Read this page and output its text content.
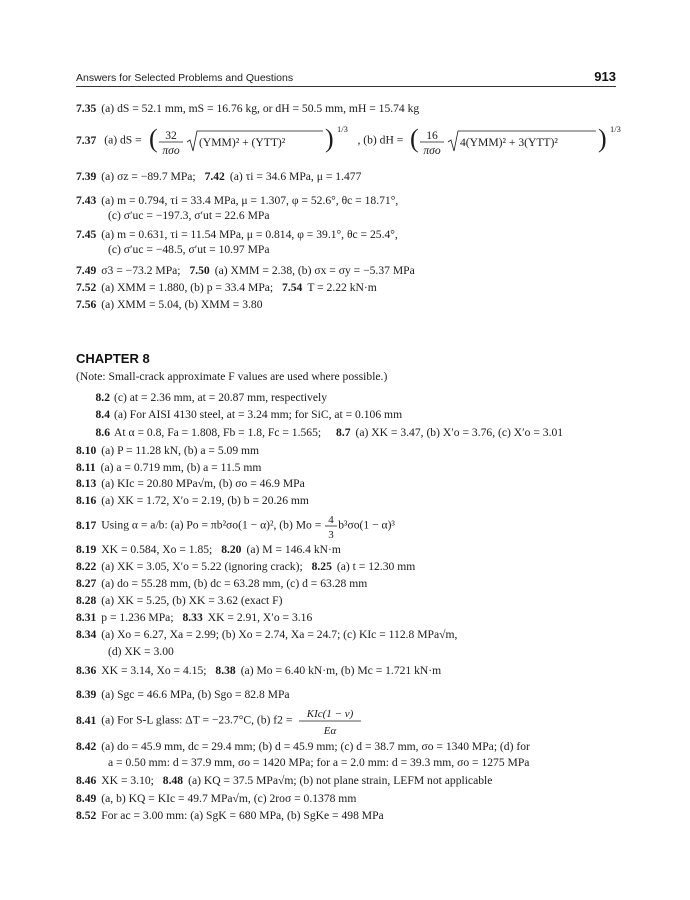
Answers for Selected Problems and Questions	913
7.35 (a) dS = 52.1 mm, mS = 16.76 kg, or dH = 50.5 mm, mH = 15.74 kg
7.37 (a) dS = ( 32
πσo
(YMM)² + (YTT)² ) 1/3
, (b) dH = ( 16
πσo
4(YMM)² + 3(YTT)² ) 1/3
7.39 (a) σz = −89.7 MPa; 7.42 (a) τi = 34.6 MPa, μ = 1.477
7.43 (a) m = 0.794, τi = 33.4 MPa, μ = 1.307, φ = 52.6°, θc = 18.71°,
(c) σ′uc = −197.3, σ′ut = 22.6 MPa
7.45 (a) m = 0.631, τi = 11.54 MPa, μ = 0.814, φ = 39.1°, θc = 25.4°,
(c) σ′uc = −48.5, σ′ut = 10.97 MPa
7.49 σ3 = −73.2 MPa; 7.50 (a) XMM = 2.38, (b) σx = σy = −5.37 MPa
7.52 (a) XMM = 1.880, (b) p = 33.4 MPa; 7.54 T = 2.22 kN·m
7.56 (a) XMM = 5.04, (b) XMM = 3.80
CHAPTER 8
(Note: Small-crack approximate F values are used where possible.)
8.2 (c) at = 2.36 mm, at = 20.87 mm, respectively
8.4 (a) For AISI 4130 steel, at = 3.24 mm; for SiC, at = 0.106 mm
8.6 At α = 0.8, Fa = 1.808, Fb = 1.8, Fc = 1.565; 8.7 (a) XK = 3.47, (b) X′o = 3.76, (c) X′o = 3.01
8.10 (a) P = 11.28 kN, (b) a = 5.09 mm
8.11 (a) a = 0.719 mm, (b) a = 11.5 mm
8.13 (a) KIc = 20.80 MPa√m, (b) σo = 46.9 MPa
8.16 (a) XK = 1.72, X′o = 2.19, (b) b = 20.26 mm
8.17 Using α = a/b: (a) Po = πb²σo(1 − α)², (b) Mo = 4
3
b³σo(1 − α)³
8.19 XK = 0.584, Xo = 1.85; 8.20 (a) M = 146.4 kN·m
8.22 (a) XK = 3.05, X′o = 5.22 (ignoring crack); 8.25 (a) t = 12.30 mm
8.27 (a) do = 55.28 mm, (b) dc = 63.28 mm, (c) d = 63.28 mm
8.28 (a) XK = 5.25, (b) XK = 3.62 (exact F)
8.31 p = 1.236 MPa; 8.33 XK = 2.91, X′o = 3.16
8.34 (a) Xo = 6.27, Xa = 2.99; (b) Xo = 2.74, Xa = 24.7; (c) KIc = 112.8 MPa√m,
(d) XK = 3.00
8.36 XK = 3.14, Xo = 4.15; 8.38 (a) Mo = 6.40 kN·m, (b) Mc = 1.721 kN·m
8.39 (a) Sgc = 46.6 MPa, (b) Sgo = 82.8 MPa
8.41 (a) For S-L glass: ΔT = −23.7°C, (b) f2 = KIc(1 − ν)
Eα
8.42 (a) do = 45.9 mm, dc = 29.4 mm; (b) d = 45.9 mm; (c) d = 38.7 mm, σo = 1340 MPa; (d) for
a = 0.50 mm: d = 37.9 mm, σo = 1420 MPa; for a = 2.0 mm: d = 39.3 mm, σo = 1275 MPa
8.46 XK = 3.10; 8.48 (a) KQ = 37.5 MPa√m; (b) not plane strain, LEFM not applicable
8.49 (a, b) KQ = KIc = 49.7 MPa√m, (c) 2roσ = 0.1378 mm
8.52 For ac = 3.00 mm: (a) SgK = 680 MPa, (b) SgKe = 498 MPa
